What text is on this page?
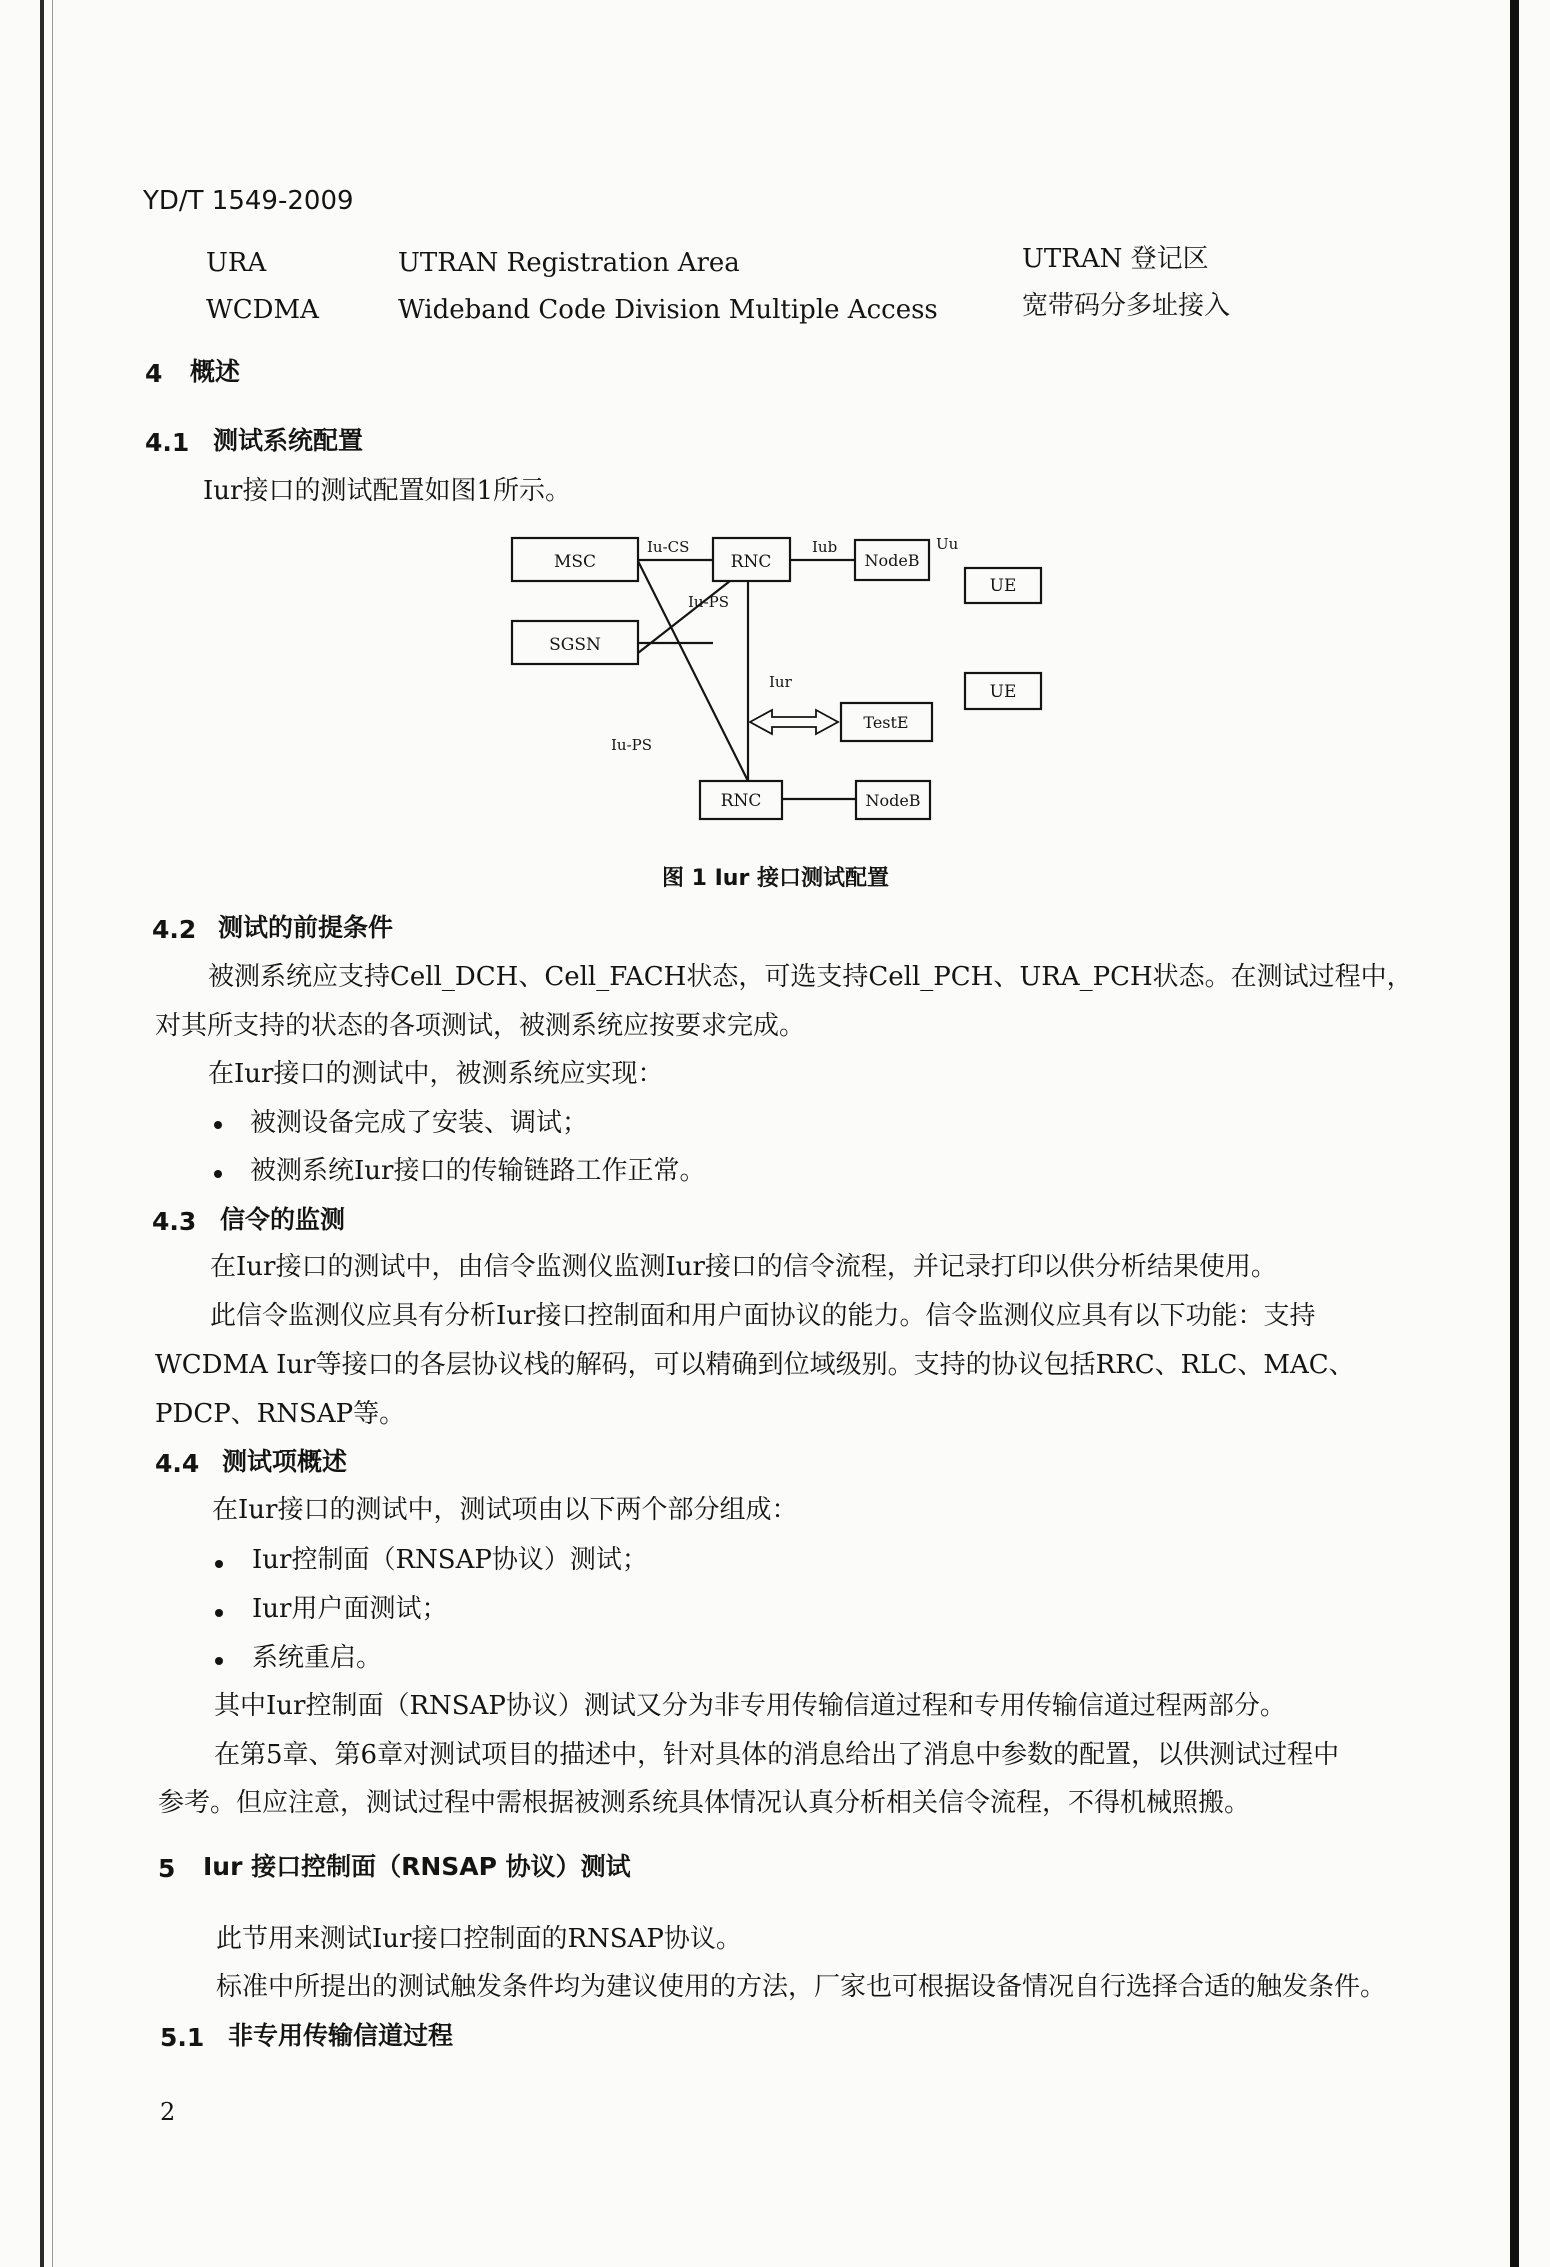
YD/T 1549-2009
URA	UTRAN Registration Area	UTRAN 登记区
WCDMA	Wideband Code Division Multiple Access	宽带码分多址接入
4 概述
4.1 测试系统配置
Iur接口的测试配置如图1所示。
MSC
SGSN
RNC	NodeB
UE
UE
TestE
RNC	NodeB
Iu-CS
Iu-PS
Iu-PS
Iub	Uu
Iur
图 1 Iur 接口测试配置
4.2 测试的前提条件
被测系统应支持Cell_DCH、Cell_FACH状态，可选支持Cell_PCH、URA_PCH状态。在测试过程中，
对其所支持的状态的各项测试，被测系统应按要求完成。
在Iur接口的测试中，被测系统应实现：
被测设备完成了安装、调试；
被测系统Iur接口的传输链路工作正常。
4.3 信令的监测
在Iur接口的测试中，由信令监测仪监测Iur接口的信令流程，并记录打印以供分析结果使用。
此信令监测仪应具有分析Iur接口控制面和用户面协议的能力。信令监测仪应具有以下功能：支持
WCDMA Iur等接口的各层协议栈的解码，可以精确到位域级别。支持的协议包括RRC、RLC、MAC、
PDCP、RNSAP等。
4.4 测试项概述
在Iur接口的测试中，测试项由以下两个部分组成：
Iur控制面（RNSAP协议）测试；
Iur用户面测试；
系统重启。
其中Iur控制面（RNSAP协议）测试又分为非专用传输信道过程和专用传输信道过程两部分。
在第5章、第6章对测试项目的描述中，针对具体的消息给出了消息中参数的配置，以供测试过程中
参考。但应注意，测试过程中需根据被测系统具体情况认真分析相关信令流程，不得机械照搬。
5 Iur 接口控制面（RNSAP 协议）测试
此节用来测试Iur接口控制面的RNSAP协议。
标准中所提出的测试触发条件均为建议使用的方法，厂家也可根据设备情况自行选择合适的触发条件。
5.1 非专用传输信道过程
2
